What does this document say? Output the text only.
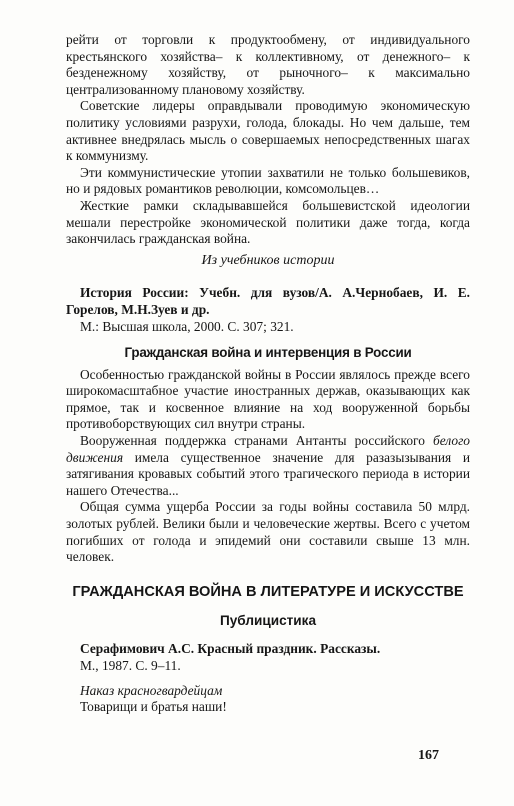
рейти от торговли к продуктообмену, от индивидуального крестьянского хозяйства– к коллективному, от денежного– к безденежному хозяйству, от рыночного– к максимально централизованному плановому хозяйству.

Советские лидеры оправдывали проводимую экономическую политику условиями разрухи, голода, блокады. Но чем дальше, тем активнее внедрялась мысль о совершаемых непосредственных шагах к коммунизму.

Эти коммунистические утопии захватили не только большевиков, но и рядовых романтиков революции, комсомольцев…

Жесткие рамки складывавшейся большевистской идеологии мешали перестройке экономической политики даже тогда, когда закончилась гражданская война.

Из учебников истории

История России: Учебн. для вузов/А. А.Чернобаев, И. Е. Горелов, М.Н.Зуев и др.

М.: Высшая школа, 2000. С. 307; 321.

Гражданская война и интервенция в России

Особенностью гражданской войны в России являлось прежде всего широкомасштабное участие иностранных держав, оказывающих как прямое, так и косвенное влияние на ход вооруженной борьбы противоборствующих сил внутри страны.

Вооруженная поддержка странами Антанты российского белого движения имела существенное значение для разазызывания и затягивания кровавых событий этого трагического периода в истории нашего Отечества...

Общая сумма ущерба России за годы войны составила 50 млрд. золотых рублей. Велики были и человеческие жертвы. Всего с учетом погибших от голода и эпидемий они составили свыше 13 млн. человек.

ГРАЖДАНСКАЯ ВОЙНА В ЛИТЕРАТУРЕ И ИСКУССТВЕ

Публицистика

Серафимович А.С. Красный праздник. Рассказы.

М., 1987. С. 9–11.

Наказ красногвардейцам

Товарищи и братья наши!

167
